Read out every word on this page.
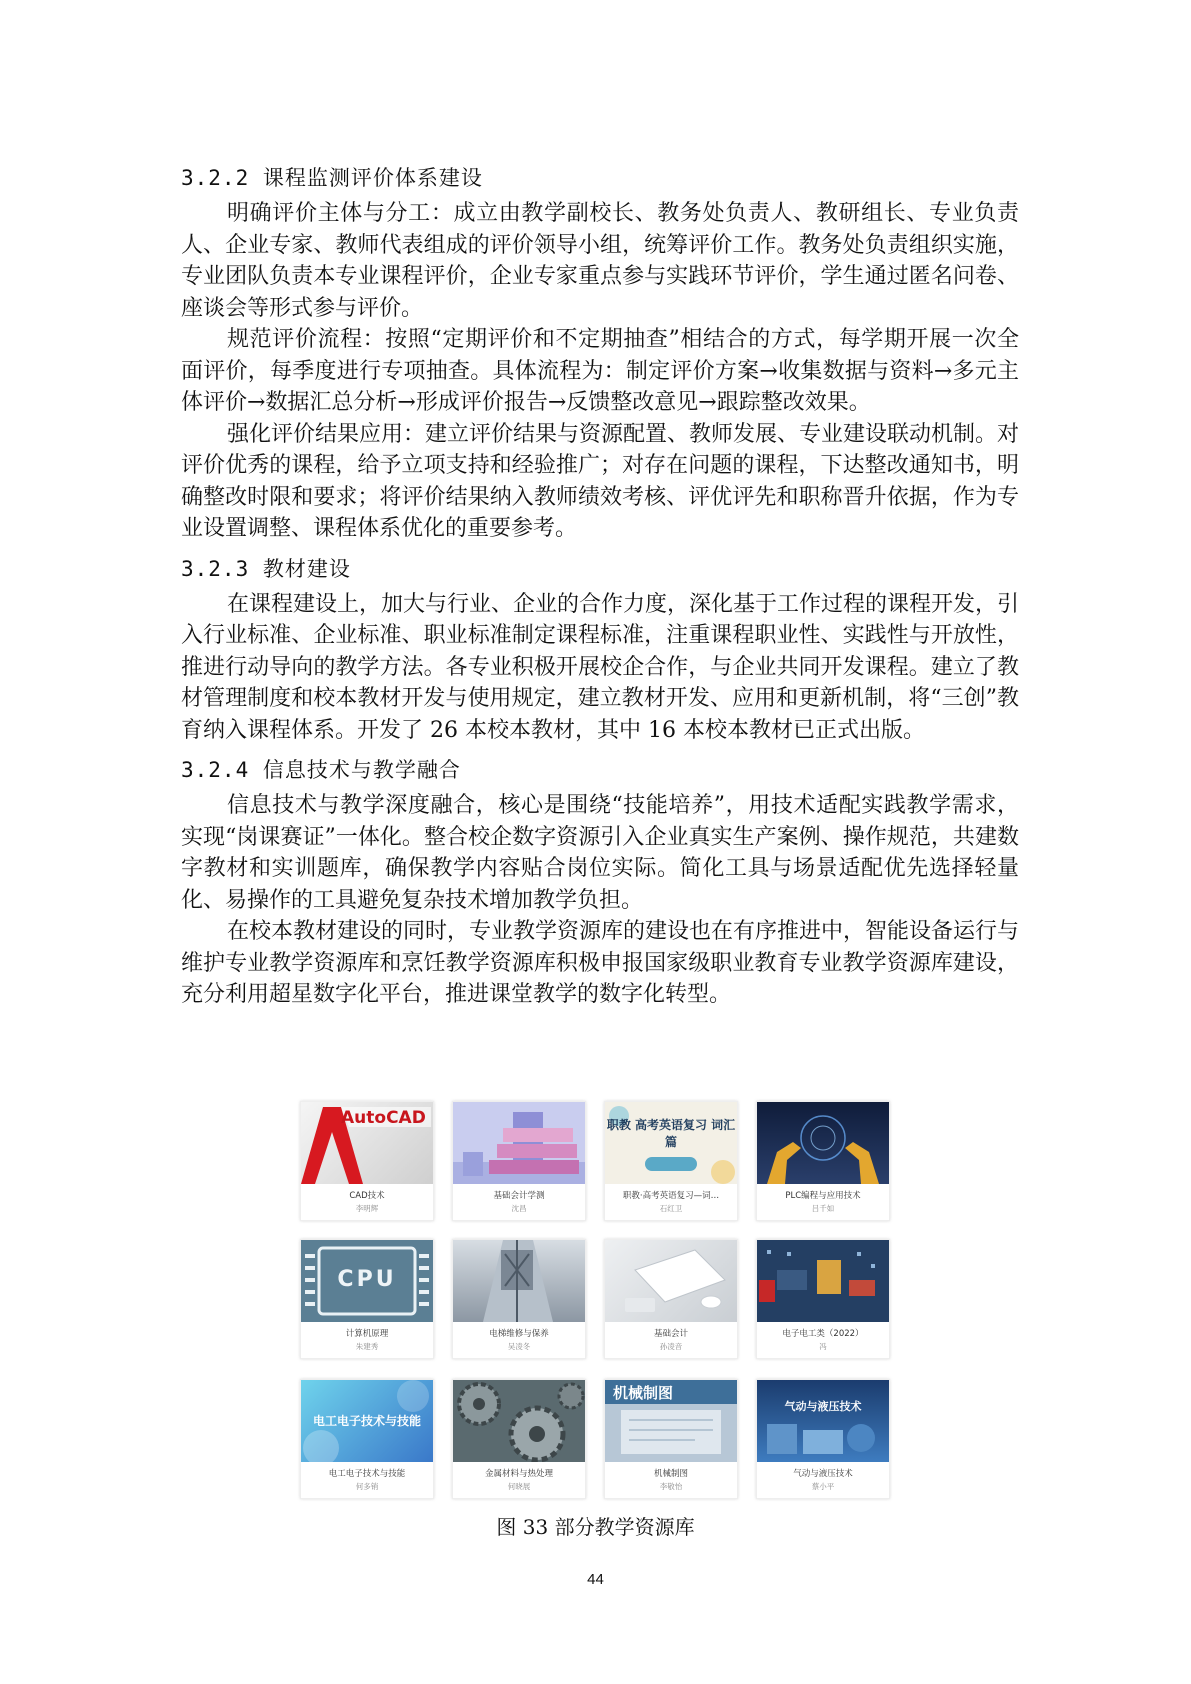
3.2.2 课程监测评价体系建设

明确评价主体与分工：成立由教学副校长、教务处负责人、教研组长、专业负责人、企业专家、教师代表组成的评价领导小组，统筹评价工作。教务处负责组织实施，专业团队负责本专业课程评价，企业专家重点参与实践环节评价，学生通过匿名问卷、座谈会等形式参与评价。

规范评价流程：按照“定期评价和不定期抽查”相结合的方式，每学期开展一次全面评价，每季度进行专项抽查。具体流程为：制定评价方案→收集数据与资料→多元主体评价→数据汇总分析→形成评价报告→反馈整改意见→跟踪整改效果。

强化评价结果应用：建立评价结果与资源配置、教师发展、专业建设联动机制。对评价优秀的课程，给予立项支持和经验推广；对存在问题的课程，下达整改通知书，明确整改时限和要求；将评价结果纳入教师绩效考核、评优评先和职称晋升依据，作为专业设置调整、课程体系优化的重要参考。

3.2.3 教材建设

在课程建设上，加大与行业、企业的合作力度，深化基于工作过程的课程开发，引入行业标准、企业标准、职业标准制定课程标准，注重课程职业性、实践性与开放性，推进行动导向的教学方法。各专业积极开展校企合作，与企业共同开发课程。建立了教材管理制度和校本教材开发与使用规定，建立教材开发、应用和更新机制，将“三创”教育纳入课程体系。开发了 26 本校本教材，其中 16 本校本教材已正式出版。

3.2.4 信息技术与教学融合

信息技术与教学深度融合，核心是围绕“技能培养”，用技术适配实践教学需求，实现“岗课赛证”一体化。整合校企数字资源引入企业真实生产案例、操作规范，共建数字教材和实训题库，确保教学内容贴合岗位实际。简化工具与场景适配优先选择轻量化、易操作的工具避免复杂技术增加教学负担。

在校本教材建设的同时，专业教学资源库的建设也在有序推进中，智能设备运行与维护专业教学资源库和烹饪教学资源库积极申报国家级职业教育专业教学资源库建设，充分利用超星数字化平台，推进课堂教学的数字化转型。

AutoCAD
CAD技术
李明辉
基础会计学测
沈昌
职教 高考英语复习 词汇篇
职教·高考英语复习—词…
石红卫
PLC编程与应用技术
吕千如
CPU
计算机原理
朱建秀
电梯维修与保养
吴凌冬
基础会计
孙凌音
电子电工类（2022）
冯
电工电子技术与技能
电工电子技术与技能
何多销
金属材料与热处理
何晓展
机械制图
机械制图
李敬怡
气动与液压技术
气动与液压技术
蔡小平
图 33 部分教学资源库
44
